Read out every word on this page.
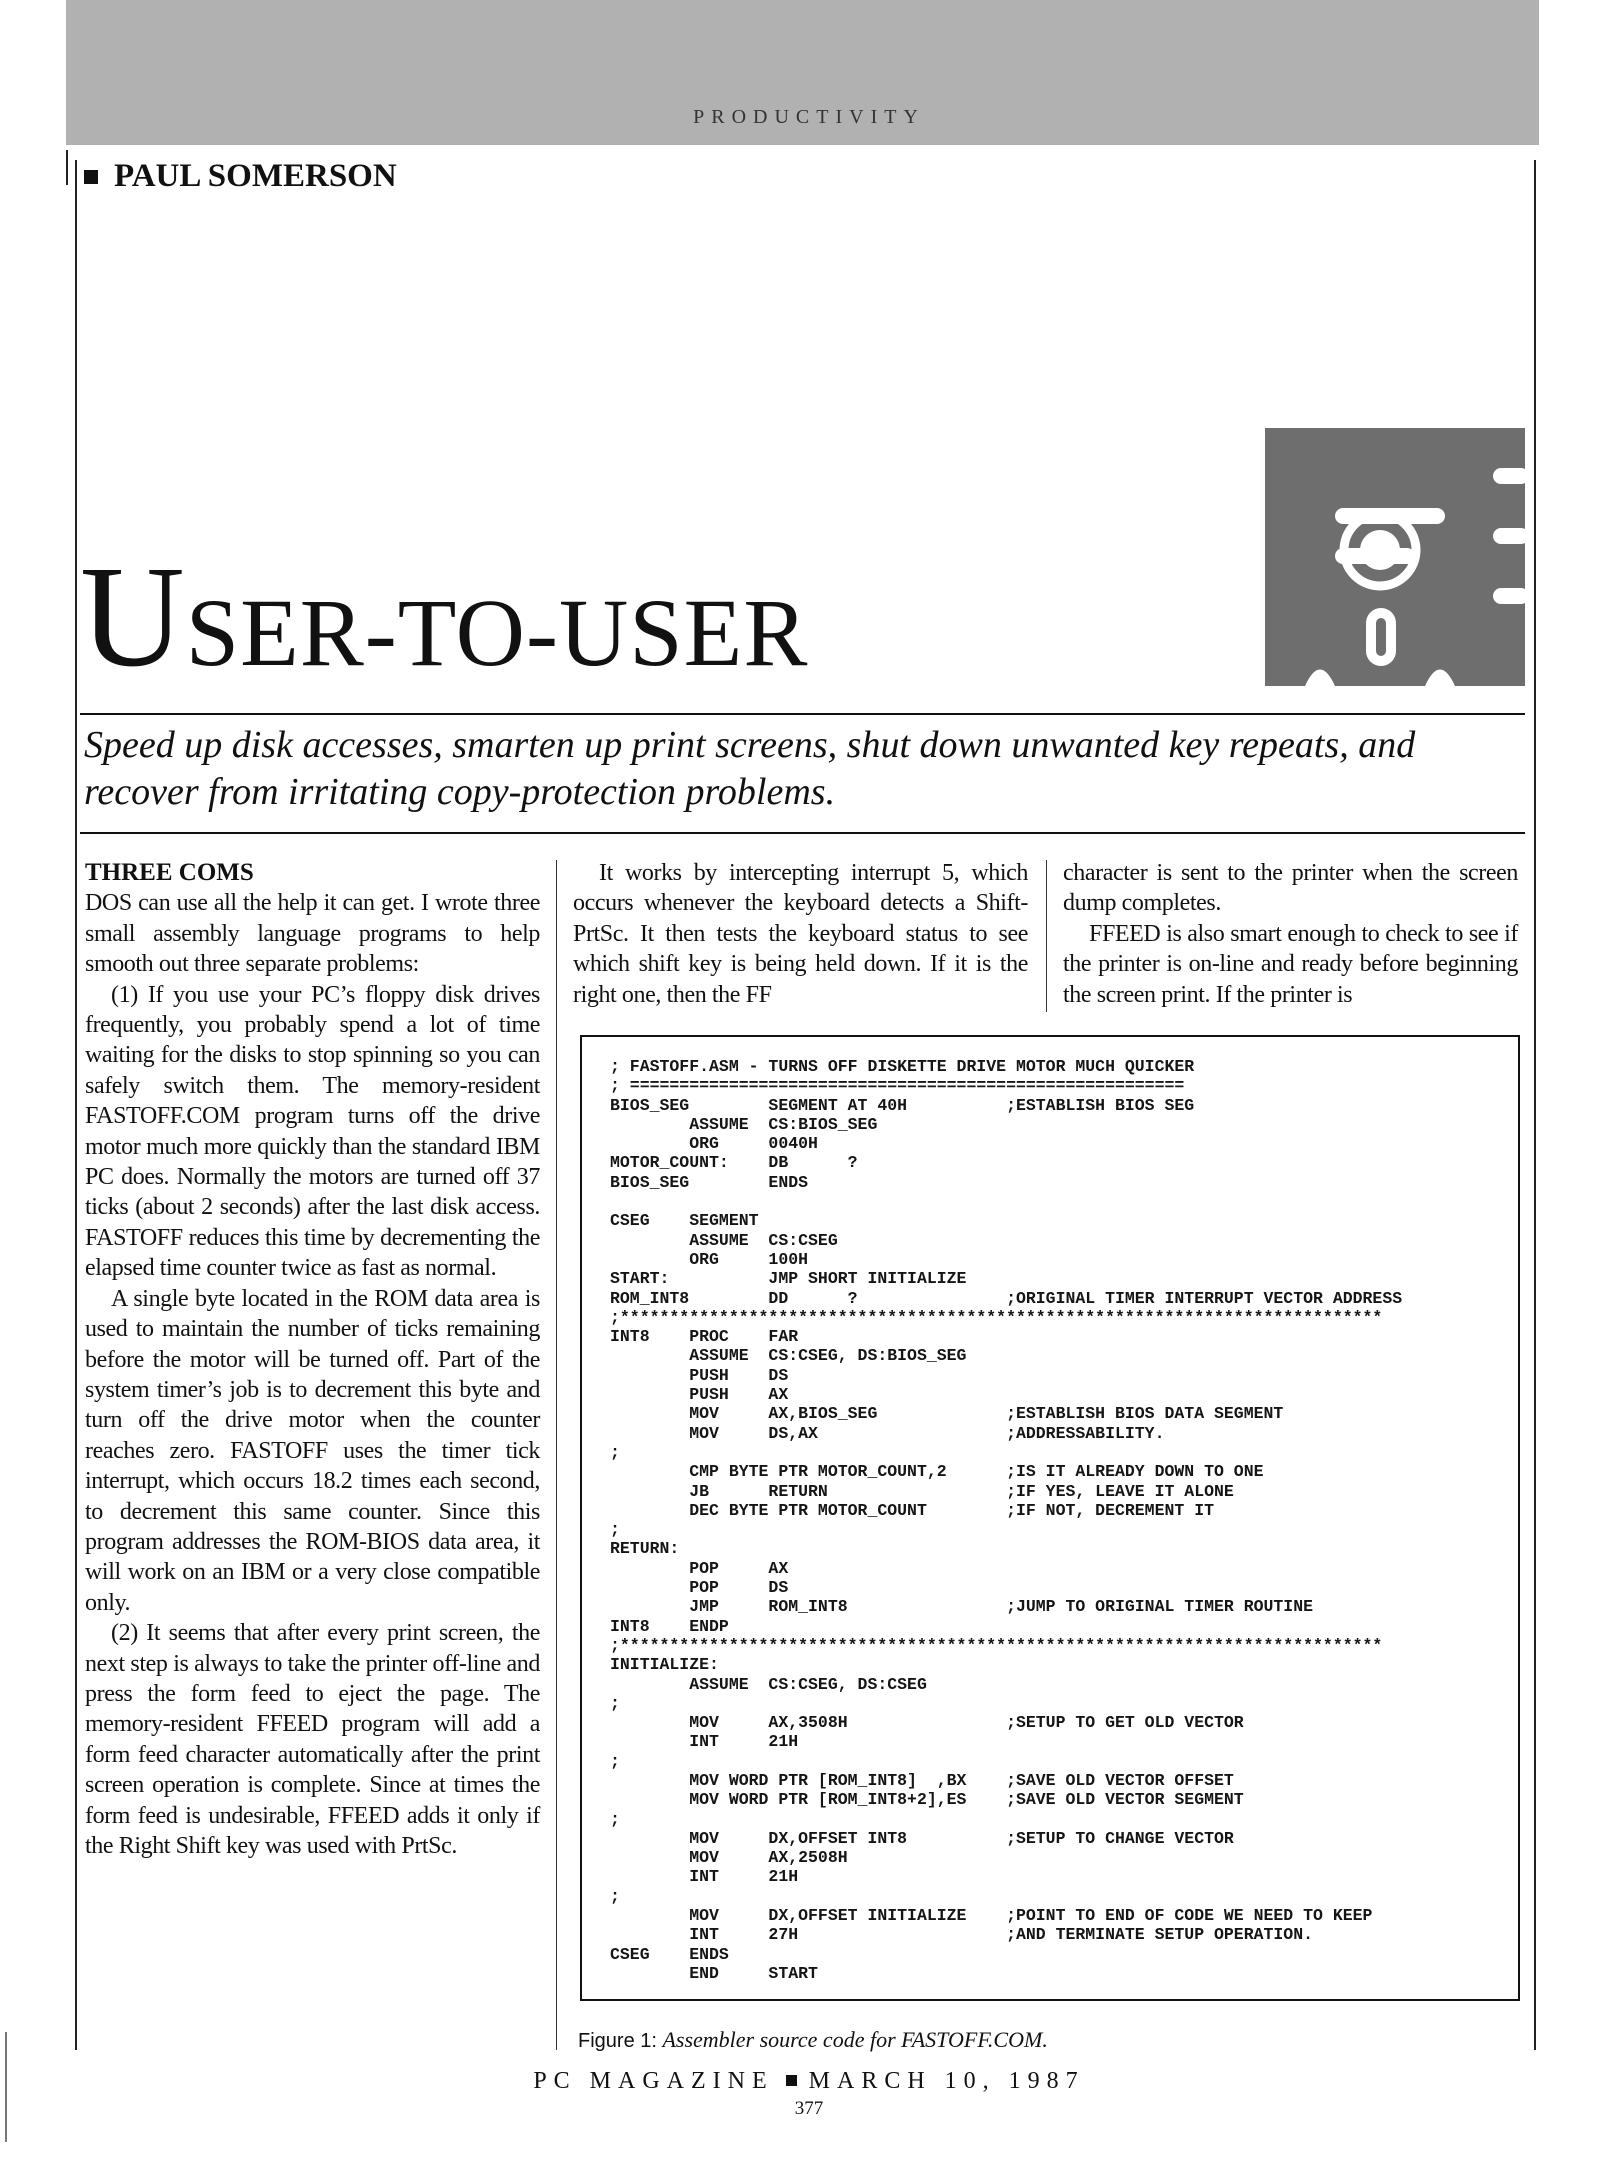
PRODUCTIVITY
PAUL SOMERSON
USER-TO-USER

Speed up disk accesses, smarten up print screens, shut down unwanted key repeats, and recover from irritating copy-protection problems.

THREE COMS

DOS can use all the help it can get. I wrote three small assembly language programs to help smooth out three separate problems:

(1) If you use your PC’s floppy disk drives frequently, you probably spend a lot of time waiting for the disks to stop spinning so you can safely switch them. The memory-resident FASTOFF.COM program turns off the drive motor much more quickly than the standard IBM PC does. Normally the motors are turned off 37 ticks (about 2 seconds) after the last disk access. FASTOFF reduces this time by decrementing the elapsed time counter twice as fast as normal.

A single byte located in the ROM data area is used to maintain the number of ticks remaining before the motor will be turned off. Part of the system timer’s job is to decrement this byte and turn off the drive motor when the counter reaches zero. FASTOFF uses the timer tick interrupt, which occurs 18.2 times each second, to decrement this same counter. Since this program addresses the ROM-BIOS data area, it will work on an IBM or a very close compatible only.

(2) It seems that after every print screen, the next step is always to take the printer off-line and press the form feed to eject the page. The memory-resident FFEED program will add a form feed character automatically after the print screen operation is complete. Since at times the form feed is undesirable, FFEED adds it only if the Right Shift key was used with PrtSc.

It works by intercepting interrupt 5, which occurs whenever the keyboard detects a Shift-PrtSc. It then tests the keyboard status to see which shift key is being held down. If it is the right one, then the FF

character is sent to the printer when the screen dump completes.

FFEED is also smart enough to check to see if the printer is on-line and ready before beginning the screen print. If the printer is

; FASTOFF.ASM - TURNS OFF DISKETTE DRIVE MOTOR MUCH QUICKER
; ========================================================
BIOS_SEG        SEGMENT AT 40H          ;ESTABLISH BIOS SEG
ASSUME  CS:BIOS_SEG
ORG     0040H
MOTOR_COUNT:    DB      ?
BIOS_SEG        ENDS

CSEG    SEGMENT
ASSUME  CS:CSEG
ORG     100H
START:          JMP SHORT INITIALIZE
ROM_INT8        DD      ?               ;ORIGINAL TIMER INTERRUPT VECTOR ADDRESS
;*****************************************************************************
INT8    PROC    FAR
ASSUME  CS:CSEG, DS:BIOS_SEG
PUSH    DS
PUSH    AX
MOV     AX,BIOS_SEG             ;ESTABLISH BIOS DATA SEGMENT
MOV     DS,AX                   ;ADDRESSABILITY.
;
CMP BYTE PTR MOTOR_COUNT,2      ;IS IT ALREADY DOWN TO ONE
JB      RETURN                  ;IF YES, LEAVE IT ALONE
DEC BYTE PTR MOTOR_COUNT        ;IF NOT, DECREMENT IT
;
RETURN:
POP     AX
POP     DS
JMP     ROM_INT8                ;JUMP TO ORIGINAL TIMER ROUTINE
INT8    ENDP
;*****************************************************************************
INITIALIZE:
ASSUME  CS:CSEG, DS:CSEG
;
MOV     AX,3508H                ;SETUP TO GET OLD VECTOR
INT     21H
;
MOV WORD PTR [ROM_INT8]  ,BX    ;SAVE OLD VECTOR OFFSET
MOV WORD PTR [ROM_INT8+2],ES    ;SAVE OLD VECTOR SEGMENT
;
MOV     DX,OFFSET INT8          ;SETUP TO CHANGE VECTOR
MOV     AX,2508H
INT     21H
;
MOV     DX,OFFSET INITIALIZE    ;POINT TO END OF CODE WE NEED TO KEEP
INT     27H                     ;AND TERMINATE SETUP OPERATION.
CSEG    ENDS
END     START

Figure 1: Assembler source code for FASTOFF.COM.
PC MAGAZINE MARCH 10, 1987
377
